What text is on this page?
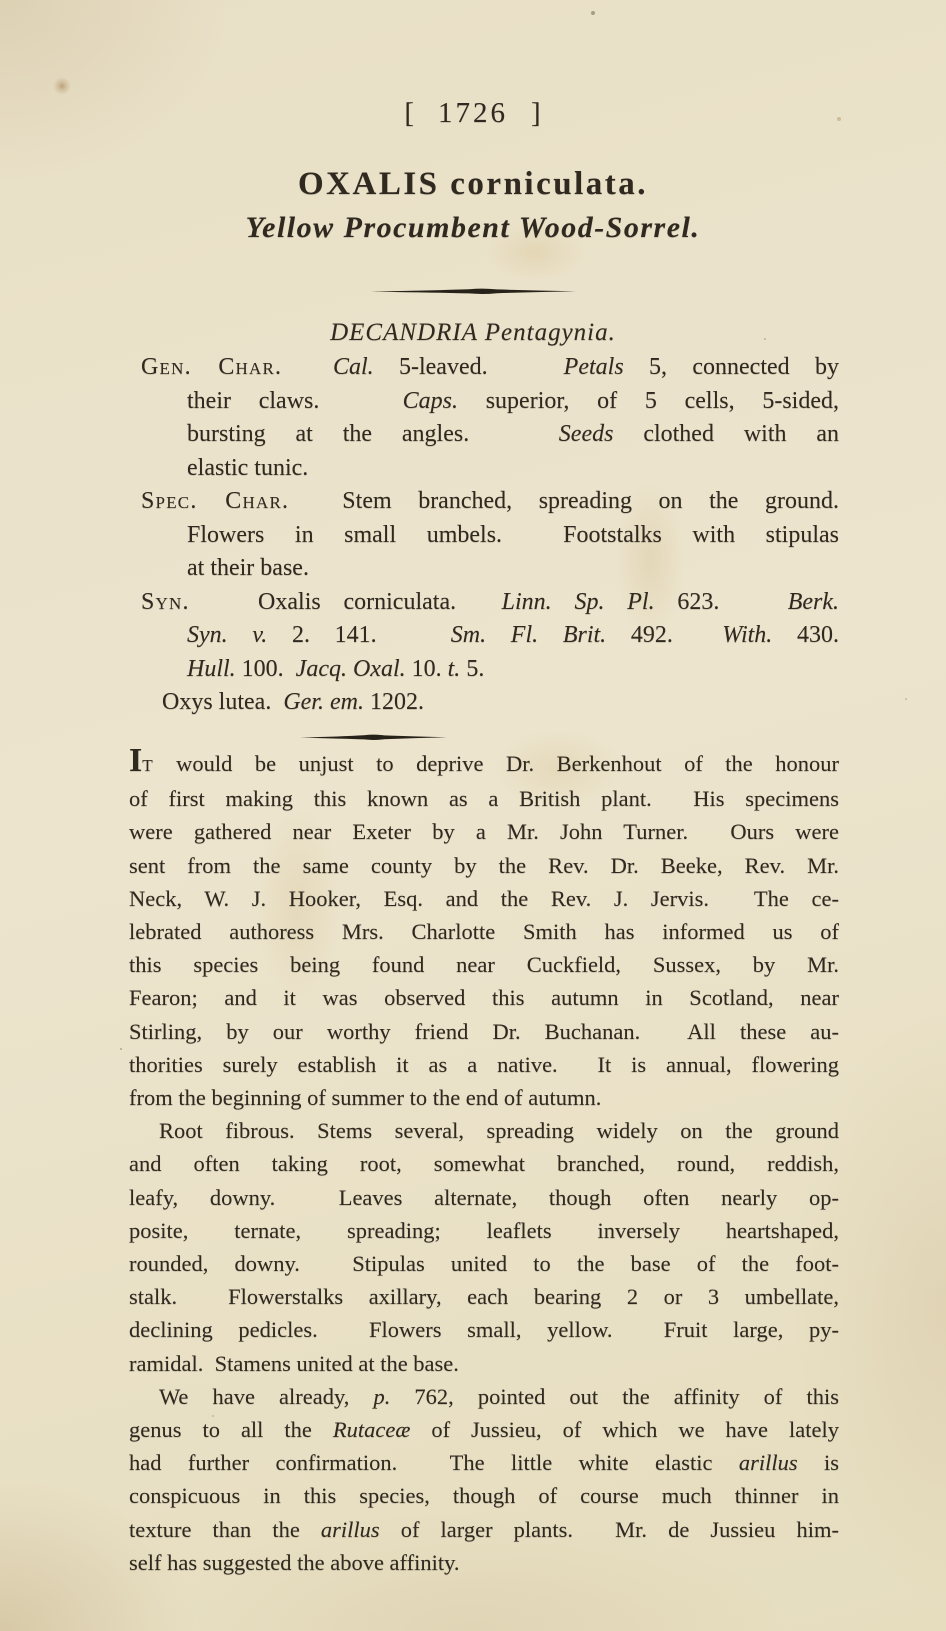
[ 1726 ]
OXALIS corniculata.
Yellow Procumbent Wood-Sorrel.
DECANDRIA Pentagynia.
Gen. Char. Cal. 5-leaved.   Petals 5, connected by
their claws.   Caps. superior, of 5 cells, 5-sided,
bursting at the angles.   Seeds clothed with an
elastic tunic.
Spec. Char.  Stem branched, spreading on the ground.
Flowers in small umbels.  Footstalks with stipulas
at their base.
Syn.   Oxalis corniculata.  Linn. Sp. Pl. 623.   Berk.
Syn. v. 2. 141.   Sm. Fl. Brit. 492.  With. 430.
Hull. 100.  Jacq. Oxal. 10. t. 5.
Oxys lutea.  Ger. em. 1202.
IT would be unjust to deprive Dr. Berkenhout of the honour
of first making this known as a British plant.  His specimens
were gathered near Exeter by a Mr. John Turner.  Ours were
sent from the same county by the Rev. Dr. Beeke, Rev. Mr.
Neck, W. J. Hooker, Esq. and the Rev. J. Jervis.  The ce-
lebrated authoress Mrs. Charlotte Smith has informed us of
this species being found near Cuckfield, Sussex, by Mr.
Fearon; and it was observed this autumn in Scotland, near
Stirling, by our worthy friend Dr. Buchanan.  All these au-
thorities surely establish it as a native.  It is annual, flowering
from the beginning of summer to the end of autumn.
Root fibrous. Stems several, spreading widely on the ground
and often taking root, somewhat branched, round, reddish,
leafy, downy.  Leaves alternate, though often nearly op-
posite, ternate, spreading; leaflets inversely heartshaped,
rounded, downy.  Stipulas united to the base of the foot-
stalk.  Flowerstalks axillary, each bearing 2 or 3 umbellate,
declining pedicles.  Flowers small, yellow.  Fruit large, py-
ramidal.  Stamens united at the base.
We have already, p. 762, pointed out the affinity of this
genus to all the Rutaceæ of Jussieu, of which we have lately
had further confirmation.  The little white elastic arillus is
conspicuous in this species, though of course much thinner in
texture than the arillus of larger plants.  Mr. de Jussieu him-
self has suggested the above affinity.
